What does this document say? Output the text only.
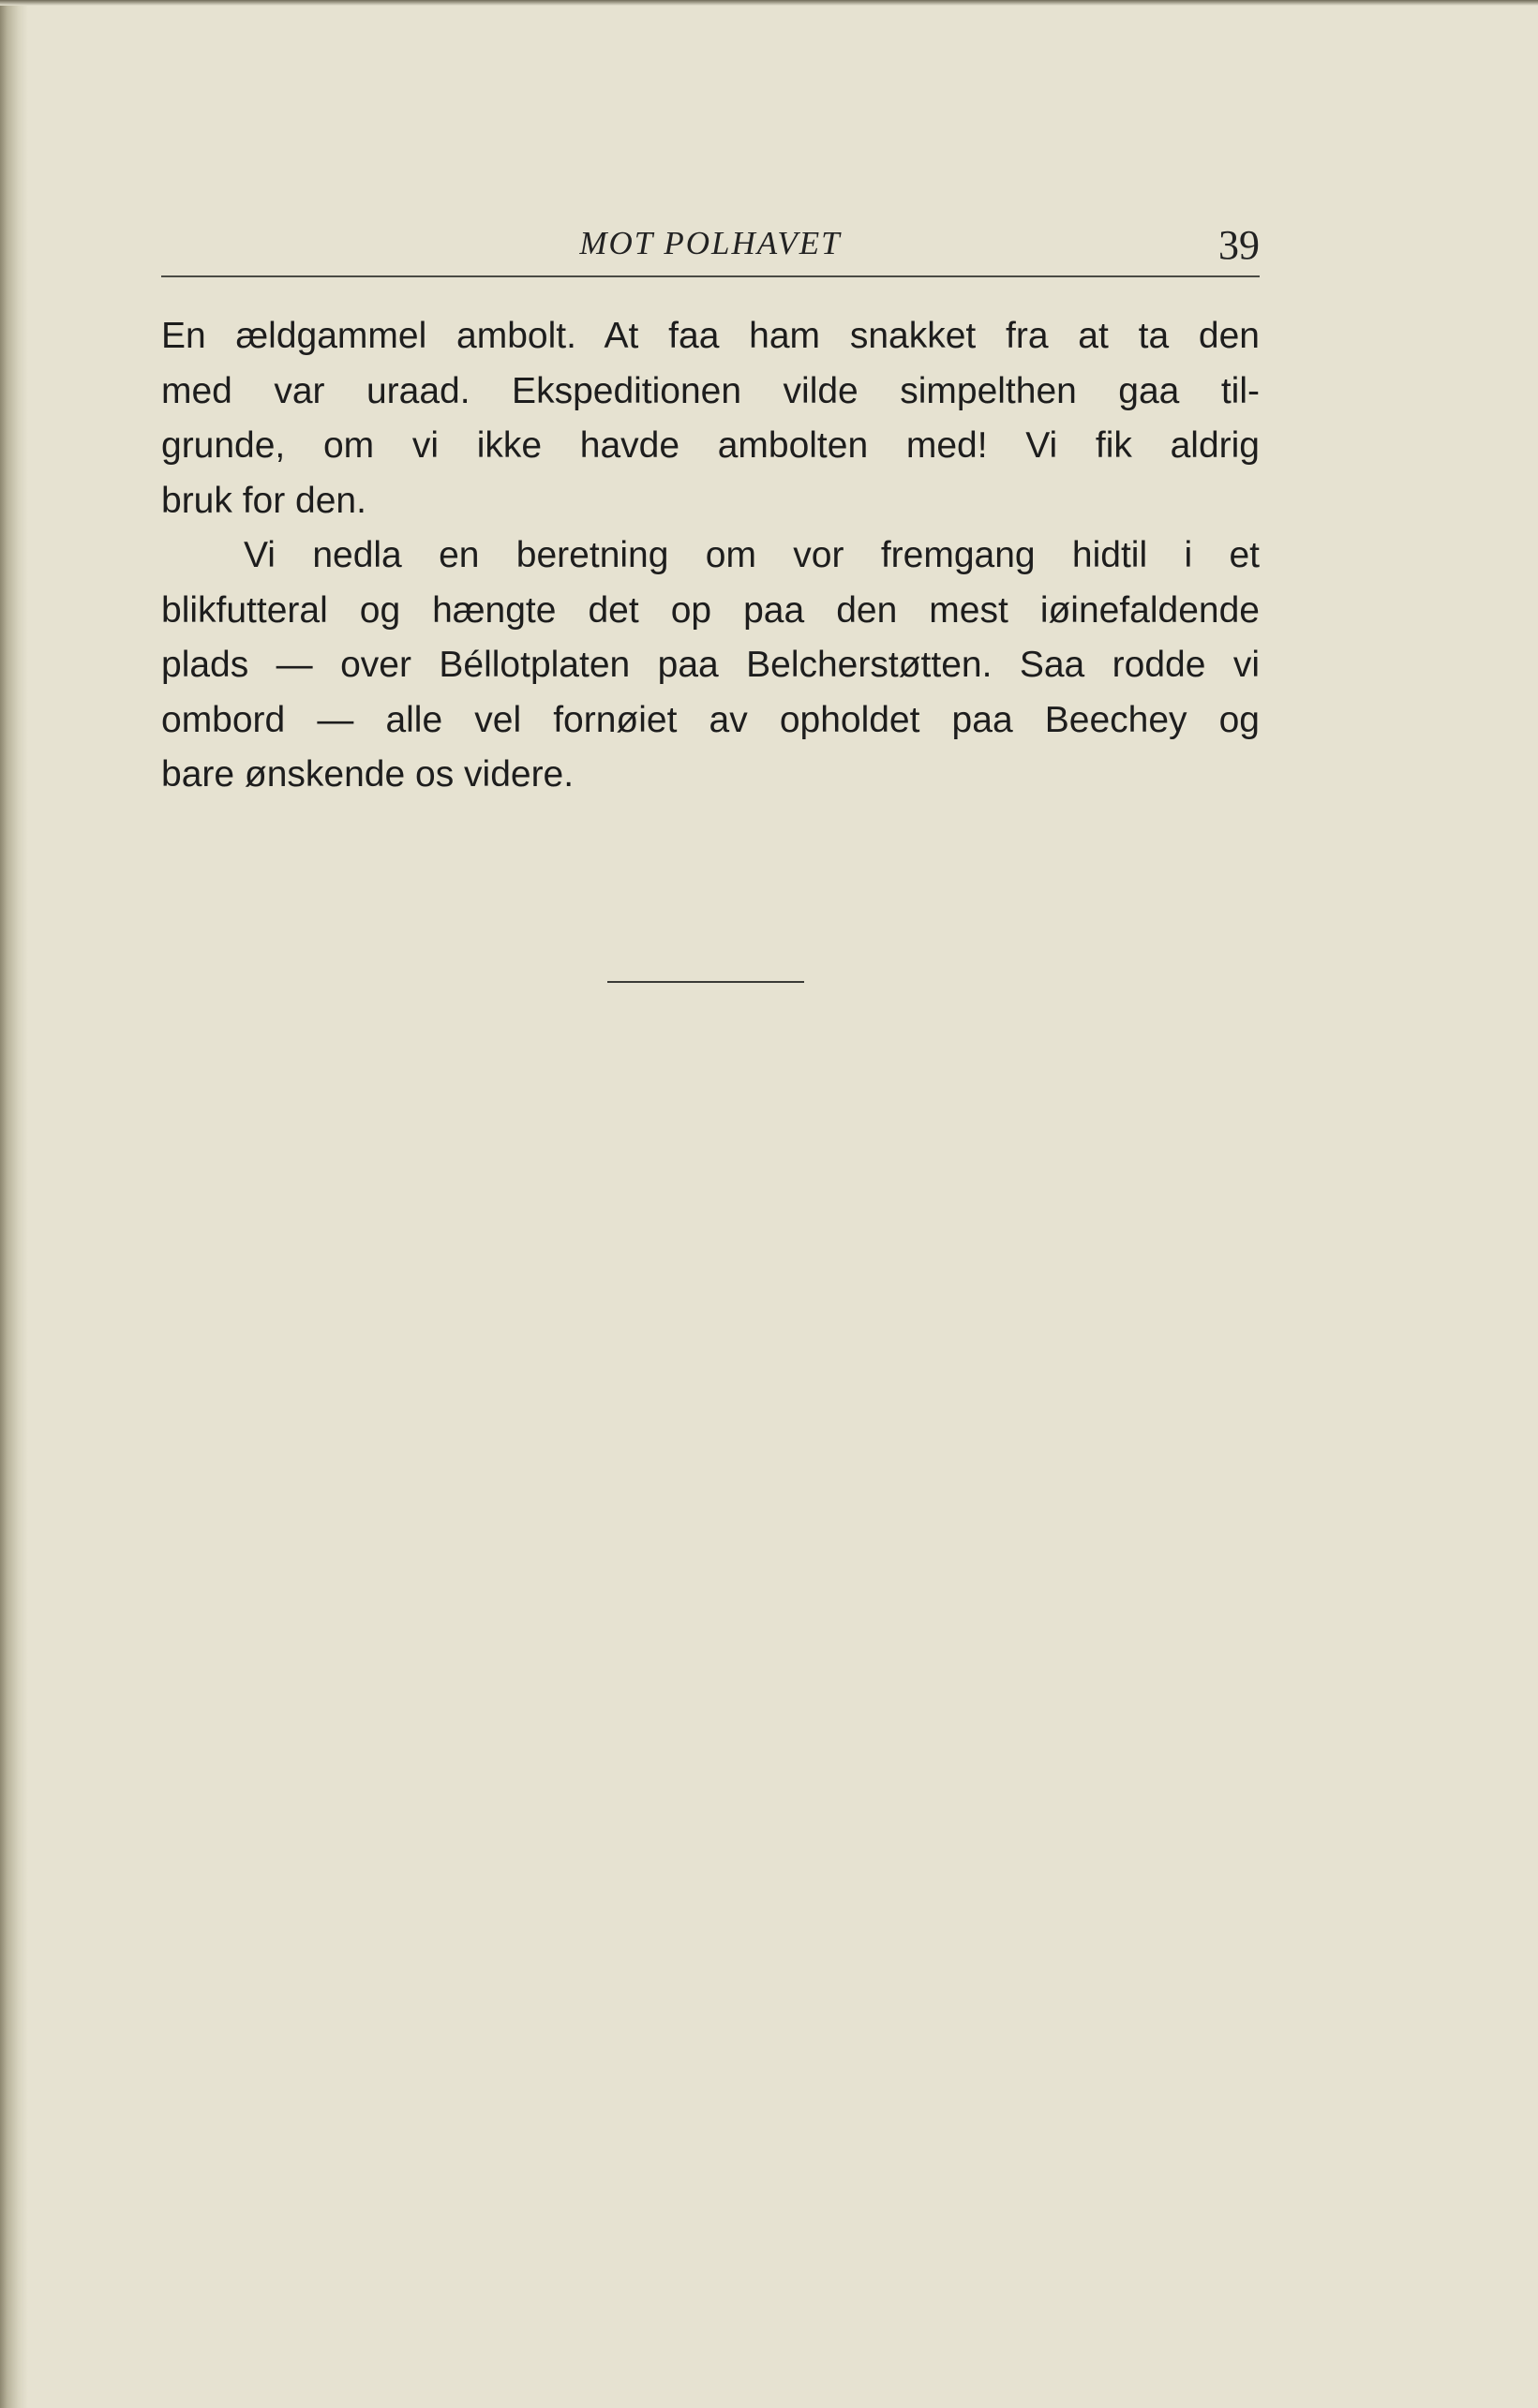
MOT POLHAVET	39
En ældgammel ambolt. At faa ham snakket fra at ta den
med var uraad. Ekspeditionen vilde simpelthen gaa til-
grunde, om vi ikke havde ambolten med! Vi fik aldrig
bruk for den.
Vi nedla en beretning om vor fremgang hidtil i et
blikfutteral og hængte det op paa den mest iøinefaldende
plads — over Béllotplaten paa Belcherstøtten. Saa rodde vi
ombord — alle vel fornøiet av opholdet paa Beechey og
bare ønskende os videre.
